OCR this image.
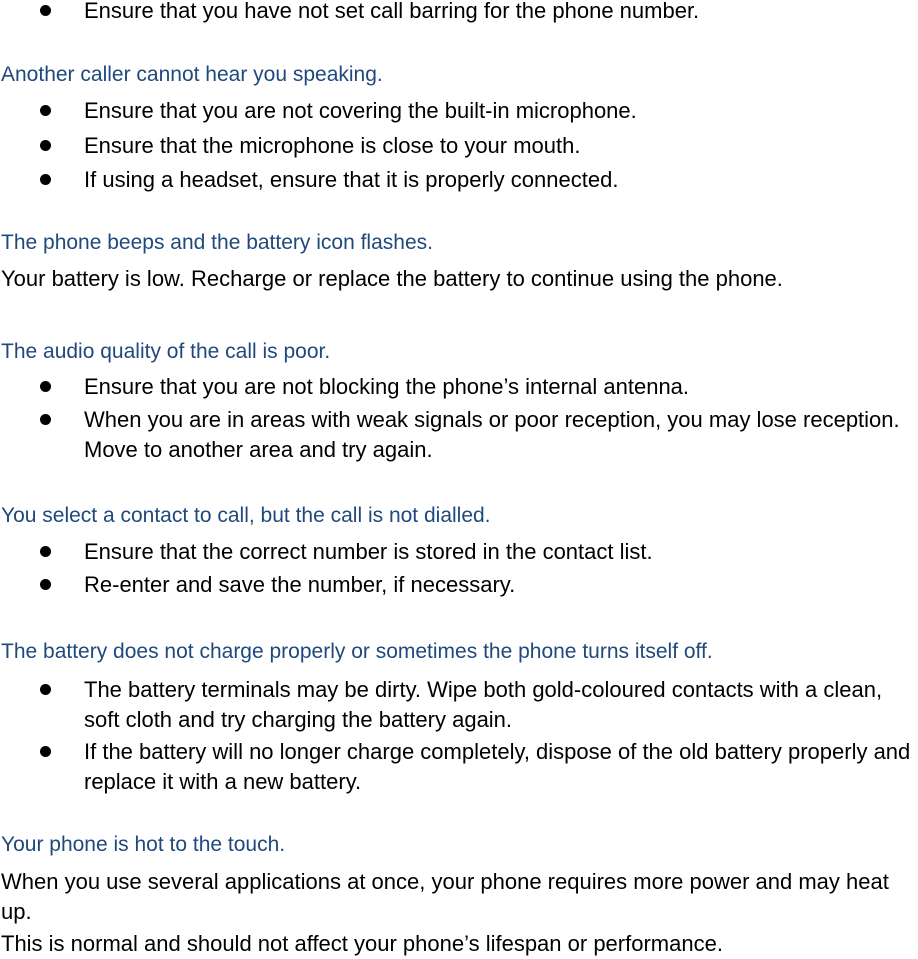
Ensure that you have not set call barring for the phone number.
Another caller cannot hear you speaking.
Ensure that you are not covering the built-in microphone.
Ensure that the microphone is close to your mouth.
If using a headset, ensure that it is properly connected.
The phone beeps and the battery icon flashes.

Your battery is low. Recharge or replace the battery to continue using the phone.

The audio quality of the call is poor.
Ensure that you are not blocking the phone’s internal antenna.
When you are in areas with weak signals or poor reception, you may lose reception. Move to another area and try again.
You select a contact to call, but the call is not dialled.
Ensure that the correct number is stored in the contact list.
Re-enter and save the number, if necessary.
The battery does not charge properly or sometimes the phone turns itself off.
The battery terminals may be dirty. Wipe both gold-coloured contacts with a clean, soft cloth and try charging the battery again.
If the battery will no longer charge completely, dispose of the old battery properly and replace it with a new battery.
Your phone is hot to the touch.

When you use several applications at once, your phone requires more power and may heat up.

This is normal and should not affect your phone’s lifespan or performance.
